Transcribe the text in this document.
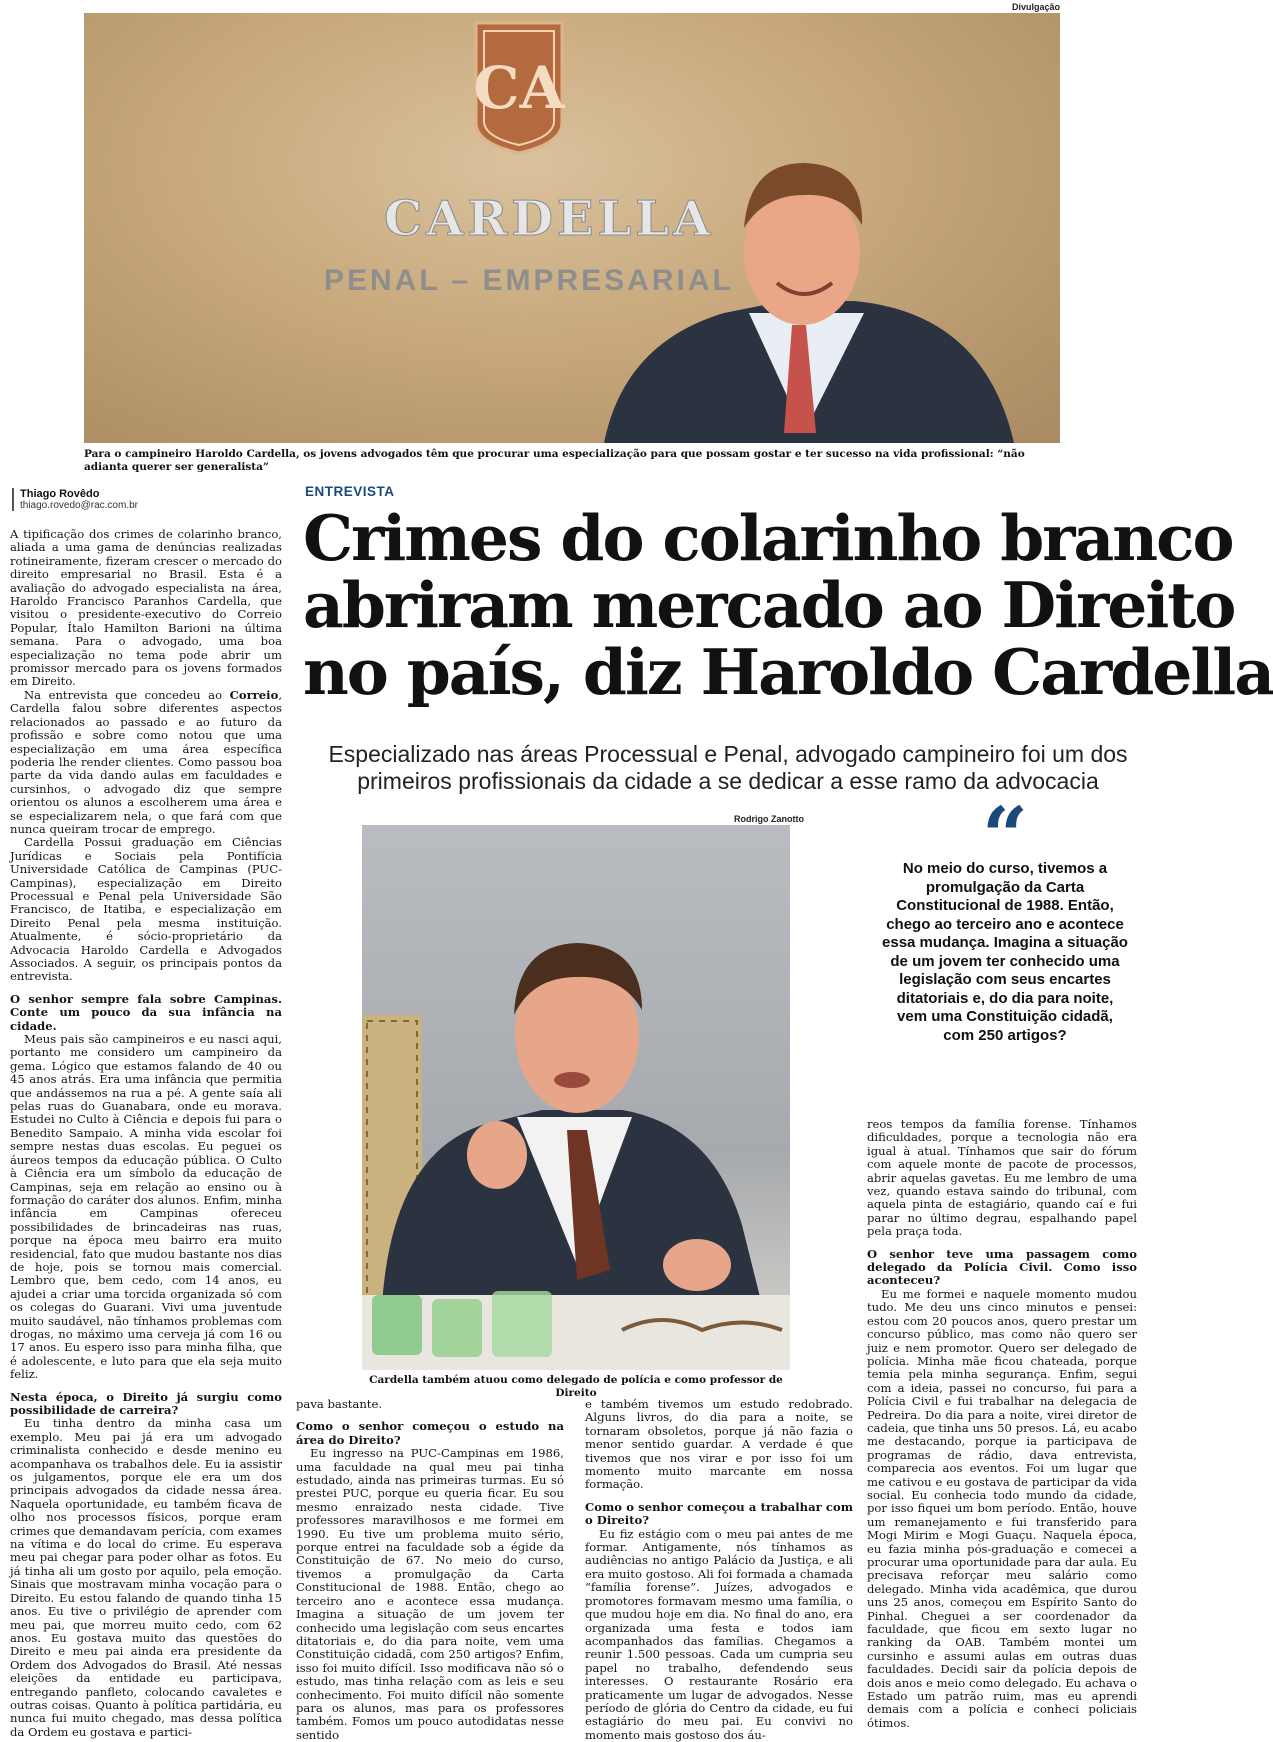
Divulgação
CA
CARDELLA
PENAL – EMPRESARIAL
Para o campineiro Haroldo Cardella, os jovens advogados têm que procurar uma especialização para que possam gostar e ter sucesso na vida profissional: “não adianta querer ser generalista”
Thiago Rovêdo
thiago.rovedo@rac.com.br
ENTREVISTA
Crimes do colarinho branco
abriram mercado ao Direito
no país, diz Haroldo Cardella
Especializado nas áreas Processual e Penal, advogado campineiro foi um dos primeiros profissionais da cidade a se dedicar a esse ramo da advocacia

A tipificação dos crimes de colarinho branco, aliada a uma gama de denúncias realizadas rotineiramente, fizeram crescer o mercado do direito empresarial no Brasil. Esta é a avaliação do advogado especialista na área, Haroldo Francisco Paranhos Cardella, que visitou o presidente-executivo do Correio Popular, Ítalo Hamilton Barioni na última semana. Para o advogado, uma boa especialização no tema pode abrir um promissor mercado para os jovens formados em Direito.

Na entrevista que concedeu ao Correio, Cardella falou sobre diferentes aspectos relacionados ao passado e ao futuro da profissão e sobre como notou que uma especialização em uma área específica poderia lhe render clientes. Como passou boa parte da vida dando aulas em faculdades e cursinhos, o advogado diz que sempre orientou os alunos a escolherem uma área e se especializarem nela, o que fará com que nunca queiram trocar de emprego.

Cardella Possui graduação em Ciências Jurídicas e Sociais pela Pontifícia Universidade Católica de Campinas (PUC-Campinas), especialização em Direito Processual e Penal pela Universidade São Francisco, de Itatiba, e especialização em Direito Penal pela mesma instituição. Atualmente, é sócio-proprietário da Advocacia Haroldo Cardella e Advogados Associados. A seguir, os principais pontos da entrevista.

O senhor sempre fala sobre Campinas. Conte um pouco da sua infância na cidade.

Meus pais são campineiros e eu nasci aqui, portanto me considero um campineiro da gema. Lógico que estamos falando de 40 ou 45 anos atrás. Era uma infância que permitia que andássemos na rua a pé. A gente saía ali pelas ruas do Guanabara, onde eu morava. Estudei no Culto à Ciência e depois fui para o Benedito Sampaio. A minha vida escolar foi sempre nestas duas escolas. Eu peguei os áureos tempos da educação pública. O Culto à Ciência era um símbolo da educação de Campinas, seja em relação ao ensino ou à formação do caráter dos alunos. Enfim, minha infância em Campinas ofereceu possibilidades de brincadeiras nas ruas, porque na época meu bairro era muito residencial, fato que mudou bastante nos dias de hoje, pois se tornou mais comercial. Lembro que, bem cedo, com 14 anos, eu ajudei a criar uma torcida organizada só com os colegas do Guarani. Vivi uma juventude muito saudável, não tínhamos problemas com drogas, no máximo uma cerveja já com 16 ou 17 anos. Eu espero isso para minha filha, que é adolescente, e luto para que ela seja muito feliz.

Nesta época, o Direito já surgiu como possibilidade de carreira?

Eu tinha dentro da minha casa um exemplo. Meu pai já era um advogado criminalista conhecido e desde menino eu acompanhava os trabalhos dele. Eu ia assistir os julgamentos, porque ele era um dos principais advogados da cidade nessa área. Naquela oportunidade, eu também ficava de olho nos processos físicos, porque eram crimes que demandavam perícia, com exames na vítima e do local do crime. Eu esperava meu pai chegar para poder olhar as fotos. Eu já tinha ali um gosto por aquilo, pela emoção. Sinais que mostravam minha vocação para o Direito. Eu estou falando de quando tinha 15 anos. Eu tive o privilégio de aprender com meu pai, que morreu muito cedo, com 62 anos. Eu gostava muito das questões do Direito e meu pai ainda era presidente da Ordem dos Advogados do Brasil. Até nessas eleições da entidade eu participava, entregando panfleto, colocando cavaletes e outras coisas. Quanto à política partidária, eu nunca fui muito chegado, mas dessa política da Ordem eu gostava e partici-

Rodrigo Zanotto
Cardella também atuou como delegado de polícia e como professor de Direito
“
No meio do curso, tivemos a promulgação da Carta Constitucional de 1988. Então, chego ao terceiro ano e acontece essa mudança. Imagina a situação de um jovem ter conhecido uma legislação com seus encartes ditatoriais e, do dia para noite, vem uma Constituição cidadã, com 250 artigos?

pava bastante.

Como o senhor começou o estudo na área do Direito?

Eu ingresso na PUC-Campinas em 1986, uma faculdade na qual meu pai tinha estudado, ainda nas primeiras turmas. Eu só prestei PUC, porque eu queria ficar. Eu sou mesmo enraizado nesta cidade. Tive professores maravilhosos e me formei em 1990. Eu tive um problema muito sério, porque entrei na faculdade sob a égide da Constituição de 67. No meio do curso, tivemos a promulgação da Carta Constitucional de 1988. Então, chego ao terceiro ano e acontece essa mudança. Imagina a situação de um jovem ter conhecido uma legislação com seus encartes ditatoriais e, do dia para noite, vem uma Constituição cidadã, com 250 artigos? Enfim, isso foi muito difícil. Isso modificava não só o estudo, mas tinha relação com as leis e seu conhecimento. Foi muito difícil não somente para os alunos, mas para os professores também. Fomos um pouco autodidatas nesse sentido

e também tivemos um estudo redobrado. Alguns livros, do dia para a noite, se tornaram obsoletos, porque já não fazia o menor sentido guardar. A verdade é que tivemos que nos virar e por isso foi um momento muito marcante em nossa formação.

Como o senhor começou a trabalhar com o Direito?

Eu fiz estágio com o meu pai antes de me formar. Antigamente, nós tínhamos as audiências no antigo Palácio da Justiça, e ali era muito gostoso. Ali foi formada a chamada “família forense”. Juízes, advogados e promotores formavam mesmo uma família, o que mudou hoje em dia. No final do ano, era organizada uma festa e todos iam acompanhados das famílias. Chegamos a reunir 1.500 pessoas. Cada um cumpria seu papel no trabalho, defendendo seus interesses. O restaurante Rosário era praticamente um lugar de advogados. Nesse período de glória do Centro da cidade, eu fui estagiário do meu pai. Eu convivi no momento mais gostoso dos áu-

reos tempos da família forense. Tínhamos dificuldades, porque a tecnologia não era igual à atual. Tínhamos que sair do fórum com aquele monte de pacote de processos, abrir aquelas gavetas. Eu me lembro de uma vez, quando estava saindo do tribunal, com aquela pinta de estagiário, quando caí e fui parar no último degrau, espalhando papel pela praça toda.

O senhor teve uma passagem como delegado da Polícia Civil. Como isso aconteceu?

Eu me formei e naquele momento mudou tudo. Me deu uns cinco minutos e pensei: estou com 20 poucos anos, quero prestar um concurso público, mas como não quero ser juiz e nem promotor. Quero ser delegado de polícia. Minha mãe ficou chateada, porque temia pela minha segurança. Enfim, segui com a ideia, passei no concurso, fui para a Polícia Civil e fui trabalhar na delegacia de Pedreira. Do dia para a noite, virei diretor de cadeia, que tinha uns 50 presos. Lá, eu acabo me destacando, porque ia participava de programas de rádio, dava entrevista, comparecia aos eventos. Foi um lugar que me cativou e eu gostava de participar da vida social. Eu conhecia todo mundo da cidade, por isso fiquei um bom período. Então, houve um remanejamento e fui transferido para Mogi Mirim e Mogi Guaçu. Naquela época, eu fazia minha pós-graduação e comecei a procurar uma oportunidade para dar aula. Eu precisava reforçar meu salário como delegado. Minha vida acadêmica, que durou uns 25 anos, começou em Espírito Santo do Pinhal. Cheguei a ser coordenador da faculdade, que ficou em sexto lugar no ranking da OAB. Também montei um cursinho e assumi aulas em outras duas faculdades. Decidi sair da polícia depois de dois anos e meio como delegado. Eu achava o Estado um patrão ruim, mas eu aprendi demais com a polícia e conheci policiais ótimos.
